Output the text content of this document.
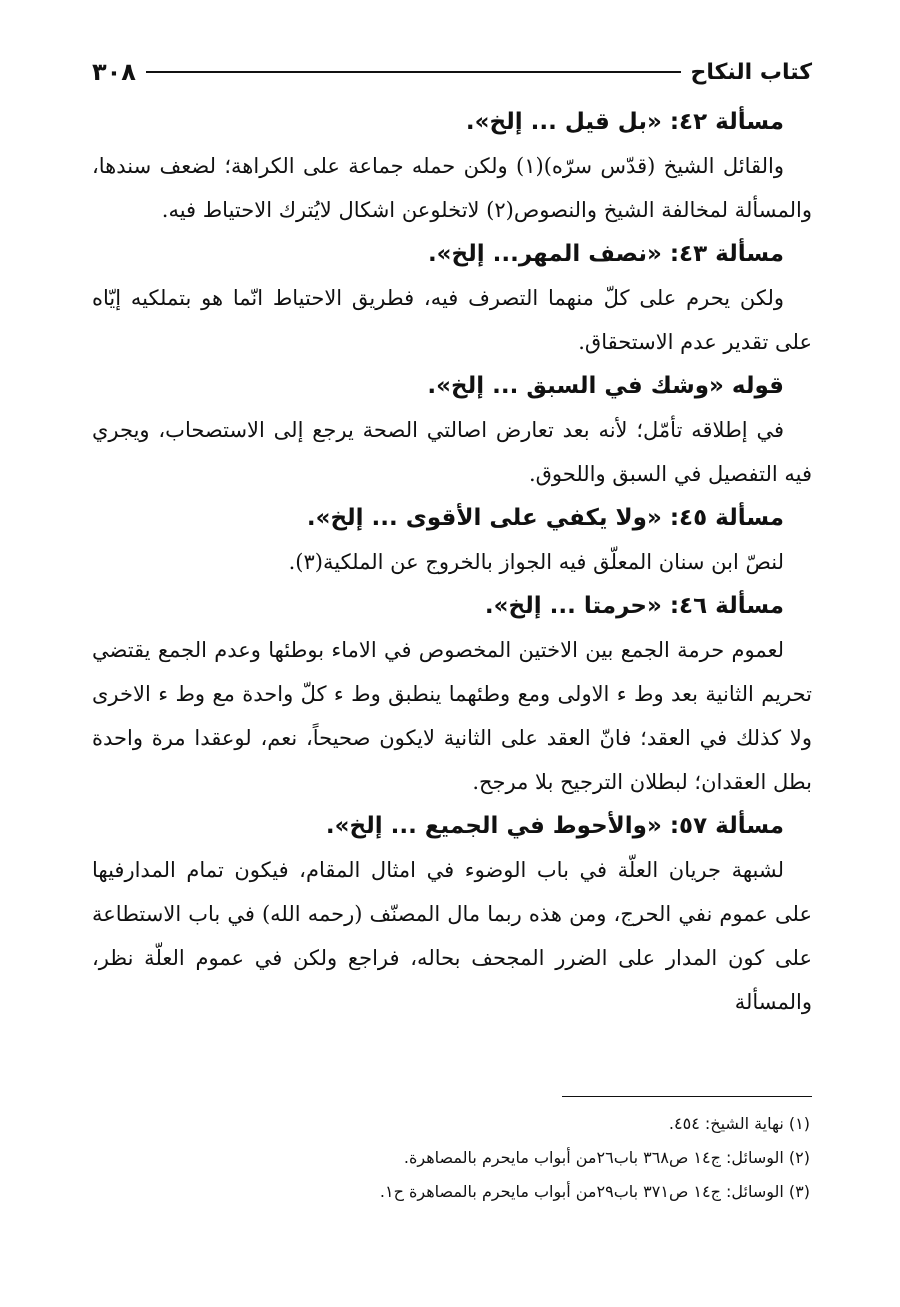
٣٠٨	كتاب النكاح

مسألة ٤٢: «بل قيل ... إلخ».

والقائل الشيخ (قدّس سرّه)(١) ولكن حمله جماعة على الكراهة؛ لضعف سندها، والمسألة لمخالفة الشيخ والنصوص(٢) لاتخلوعن اشكال لايُترك الاحتياط فيه.

مسألة ٤٣: «نصف المهر... إلخ».

ولكن يحرم على كلّ منهما التصرف فيه، فطريق الاحتياط انّما هو بتملكيه إيّاه على تقدير عدم الاستحقاق.

قوله «وشك في السبق ... إلخ».

في إطلاقه تأمّل؛ لأنه بعد تعارض اصالتي الصحة يرجع إلى الاستصحاب، ويجري فيه التفصيل في السبق واللحوق.

مسألة ٤٥: «ولا يكفي على الأقوى ... إلخ».

لنصّ ابن سنان المعلّق فيه الجواز بالخروج عن الملكية(٣).

مسألة ٤٦: «حرمتا ... إلخ».

لعموم حرمة الجمع بين الاختين المخصوص في الاماء بوطئها وعدم الجمع يقتضي تحريم الثانية بعد وط ء الاولى ومع وطئهما ينطبق وط ء كلّ واحدة مع وط ء الاخرى ولا كذلك في العقد؛ فانّ العقد على الثانية لايكون صحيحاً، نعم، لوعقدا مرة واحدة بطل العقدان؛ لبطلان الترجيح بلا مرجح.

مسألة ٥٧: «والأحوط في الجميع ... إلخ».

لشبهة جريان العلّة في باب الوضوء في امثال المقام، فيكون تمام المدارفيها على عموم نفي الحرج، ومن هذه ربما مال المصنّف (رحمه الله) في باب الاستطاعة على كون المدار على الضرر المجحف بحاله، فراجع ولكن في عموم العلّة نظر، والمسألة

(١) نهاية الشيخ: ٤٥٤.

(٢) الوسائل: ج١٤ ص٣٦٨ باب٢٦من أبواب مايحرم بالمصاهرة.

(٣) الوسائل: ج١٤ ص٣٧١ باب٢٩من أبواب مايحرم بالمصاهرة ح١.
